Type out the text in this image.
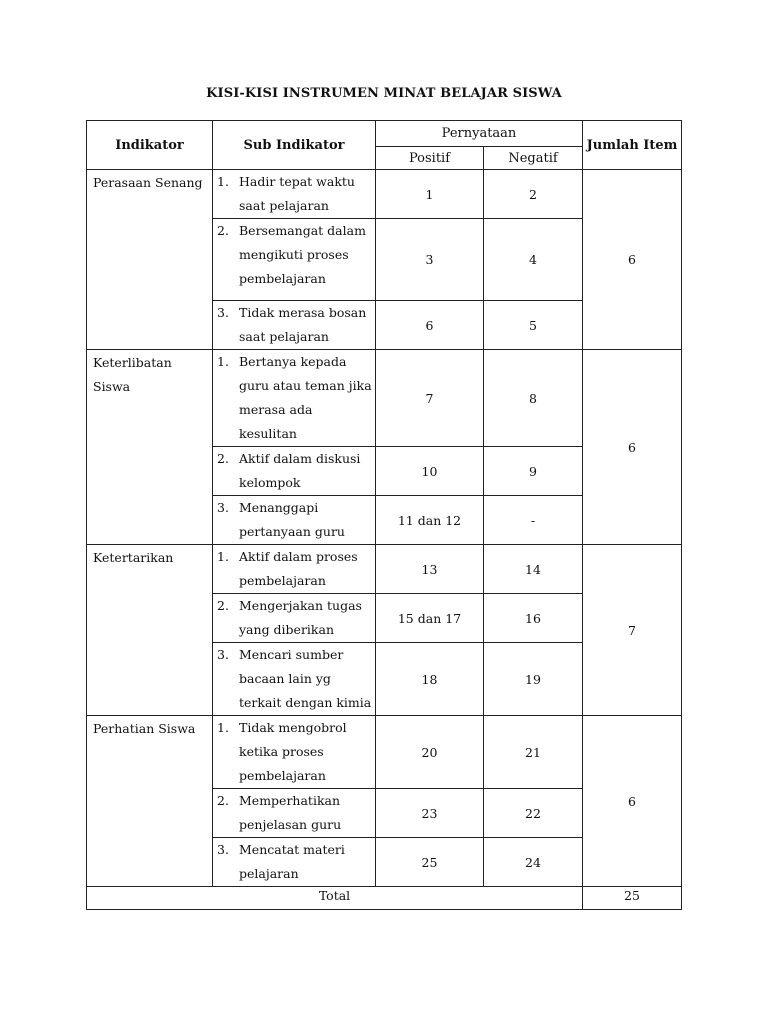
KISI-KISI INSTRUMEN MINAT BELAJAR SISWA
Indikator	Sub Indikator	Pernyataan		Jumlah Item
		Positif	Negatif	
Perasaan Senang	1. Hadir tepat waktu saat pelajaran	1	2	6

	2. Bersemangat dalam mengikuti proses pembelajaran	3	4	

	3. Tidak merasa bosan saat pelajaran	6	5	
Keterlibatan Siswa	1. Bertanya kepada guru atau teman jika merasa ada kesulitan	7	8	6

	2. Aktif dalam diskusi kelompok	10	9	

	3. Menanggapi pertanyaan guru	11 dan 12	-	
Ketertarikan	1. Aktif dalam proses pembelajaran	13	14	7

	2. Mengerjakan tugas yang diberikan	15 dan 17	16	

	3. Mencari sumber bacaan lain yg terkait dengan kimia	18	19	
Perhatian Siswa	1. Tidak mengobrol ketika proses pembelajaran	20	21	6

	2. Memperhatikan penjelasan guru	23	22	

	3. Mencatat materi pelajaran	25	24	
Total				25
